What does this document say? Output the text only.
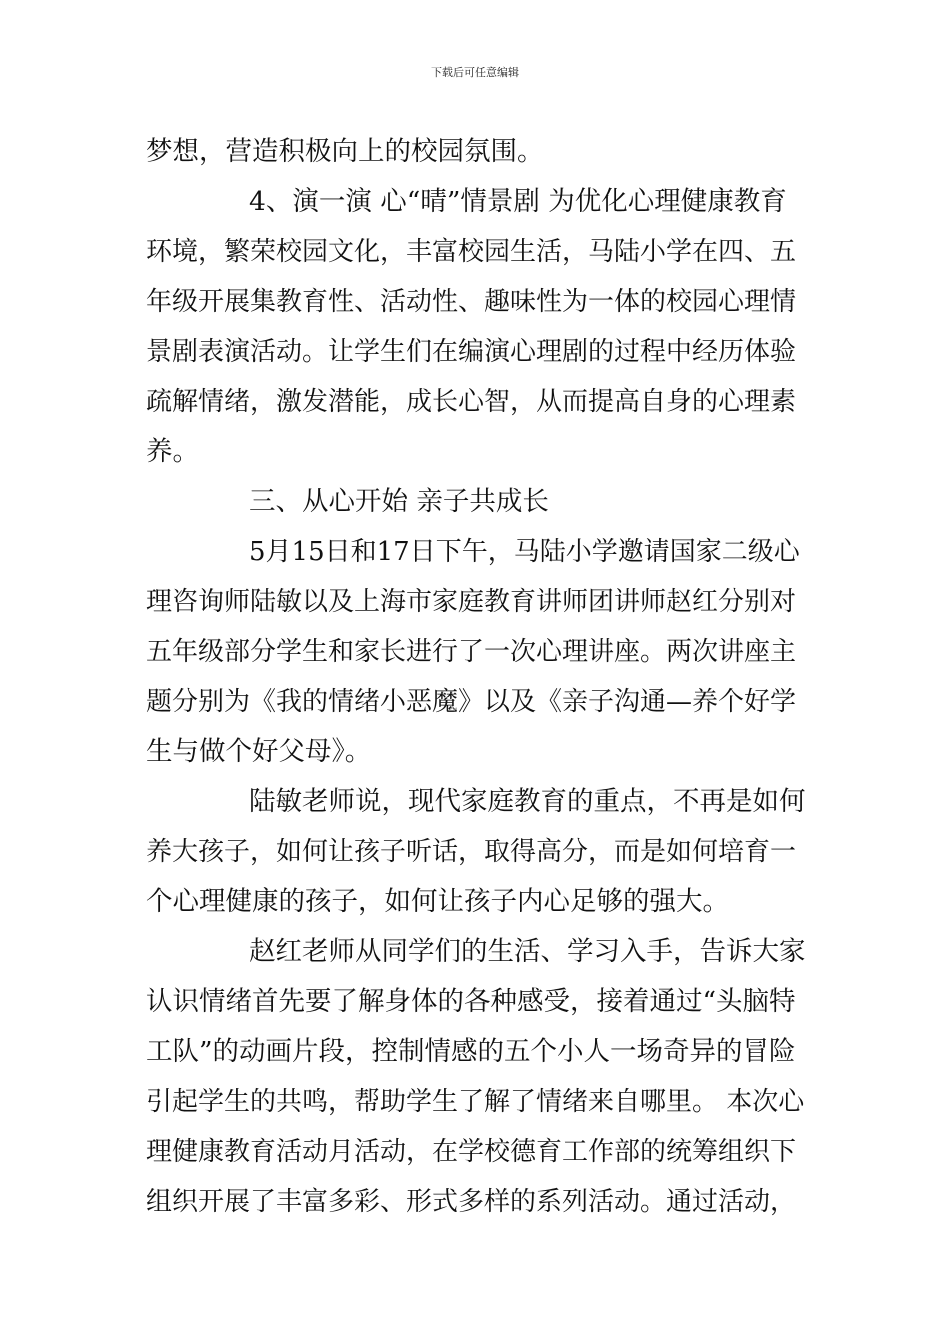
下载后可任意编辑
梦想，营造积极向上的校园氛围。
4、演一演 心“晴”情景剧 为优化心理健康教育
环境，繁荣校园文化，丰富校园生活，马陆小学在四、五
年级开展集教育性、活动性、趣味性为一体的校园心理情
景剧表演活动。让学生们在编演心理剧的过程中经历体验
疏解情绪，激发潜能，成长心智，从而提高自身的心理素
养。
三、从心开始 亲子共成长
5月15日和17日下午，马陆小学邀请国家二级心
理咨询师陆敏以及上海市家庭教育讲师团讲师赵红分别对
五年级部分学生和家长进行了一次心理讲座。两次讲座主
题分别为《我的情绪小恶魔》以及《亲子沟通—养个好学
生与做个好父母》。
陆敏老师说，现代家庭教育的重点，不再是如何
养大孩子，如何让孩子听话，取得高分，而是如何培育一
个心理健康的孩子，如何让孩子内心足够的强大。
赵红老师从同学们的生活、学习入手，告诉大家
认识情绪首先要了解身体的各种感受，接着通过“头脑特
工队”的动画片段，控制情感的五个小人一场奇异的冒险
引起学生的共鸣，帮助学生了解了情绪来自哪里。 本次心
理健康教育活动月活动，在学校德育工作部的统筹组织下
组织开展了丰富多彩、形式多样的系列活动。通过活动，
